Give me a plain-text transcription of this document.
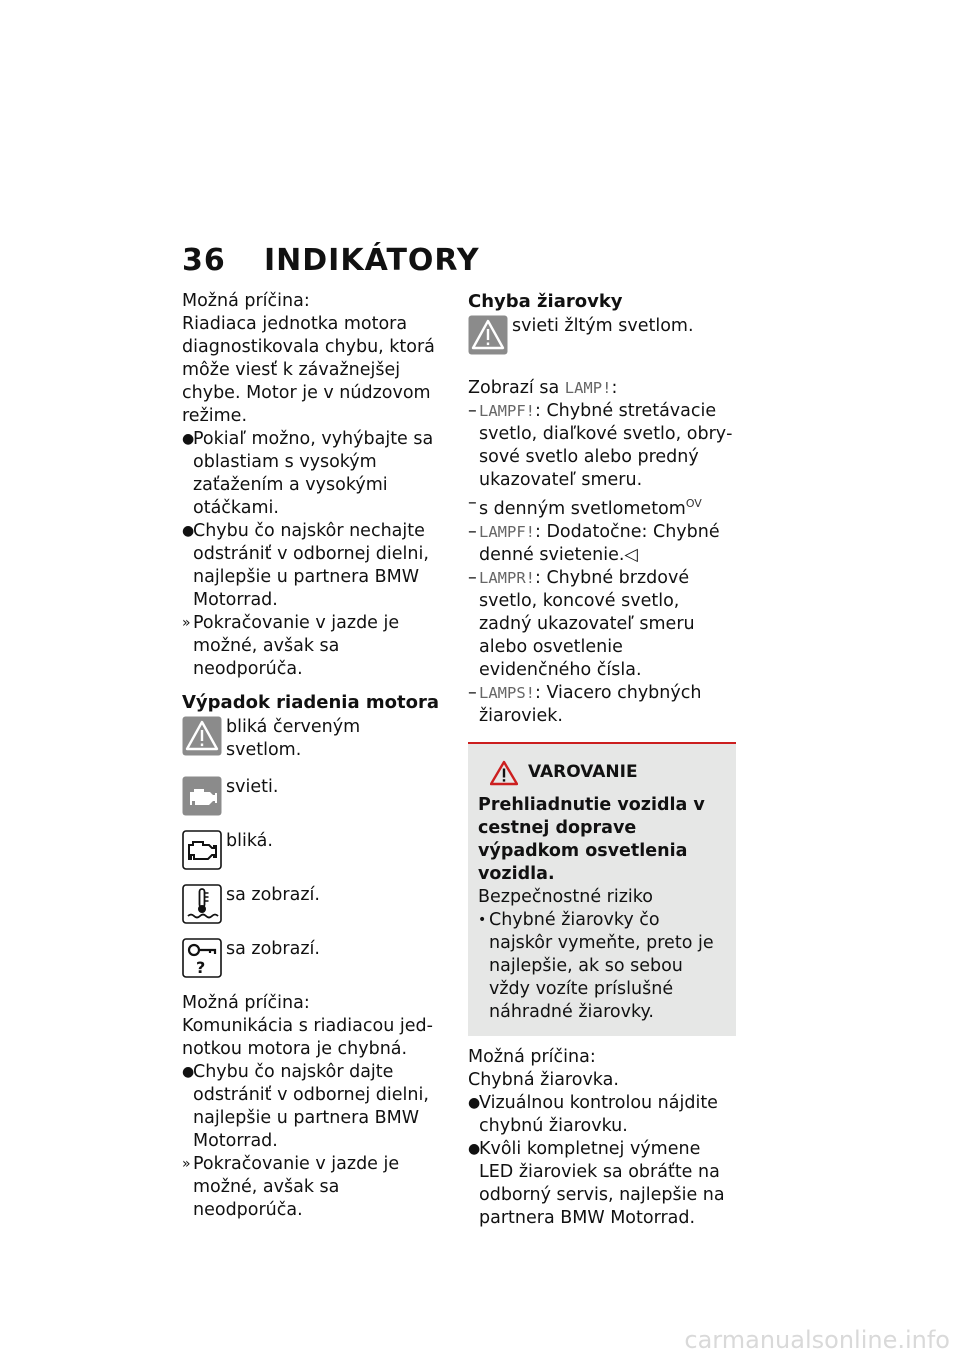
36 INDIKÁTORY

Možná príčina:

Riadiaca jednotka motora diagnostikovala chybu, ktorá môže viesť k závažnejšej chybe. Motor je v núdzovom režime.

●
Pokiaľ možno, vyhýbajte sa oblastiam s vysokým zaťažením a vysokými otáčkami.
●
Chybu čo najskôr nechajte odstrániť v odbornej dielni, najlepšie u partnera BMW Motorrad.
» Pokračovanie v jazde je možné, avšak sa neodporúča.

Výpadok riadenia motora

bliká červeným svetlom.
svieti.
bliká.
sa zobrazí.
?
sa zobrazí.

Možná príčina:

Komunikácia s riadiacou jednotkou motora je chybná.

●
Chybu čo najskôr dajte odstrániť v odbornej dielni, najlepšie u partnera BMW Motorrad.
» Pokračovanie v jazde je možné, avšak sa neodporúča.

Chyba žiarovky

svieti žltým svetlom.

Zobrazí sa LAMP!:

– LAMPF!: Chybné stretávacie svetlo, diaľkové svetlo, obrysové svetlo alebo predný ukazovateľ smeru.
– s denným svetlometom$^{OV}$
– LAMPF!: Dodatočne: Chybné denné svietenie.◁
– LAMPR!: Chybné brzdové svetlo, koncové svetlo, zadný ukazovateľ smeru alebo osvetlenie evidenčného čísla.
– LAMPS!: Viacero chybných žiaroviek.
VAROVANIE

Prehliadnutie vozidla v cestnej doprave výpadkom osvetlenia vozidla.

Bezpečnostné riziko

• Chybné žiarovky čo najskôr vymeňte, preto je najlepšie, ak so sebou vždy vozíte príslušné náhradné žiarovky.

Možná príčina:

Chybná žiarovka.

●
Vizuálnou kontrolou nájdite chybnú žiarovku.
●
Kvôli kompletnej výmene LED žiaroviek sa obráťte na odborný servis, najlepšie na partnera BMW Motorrad.
carmanualsonline.info
